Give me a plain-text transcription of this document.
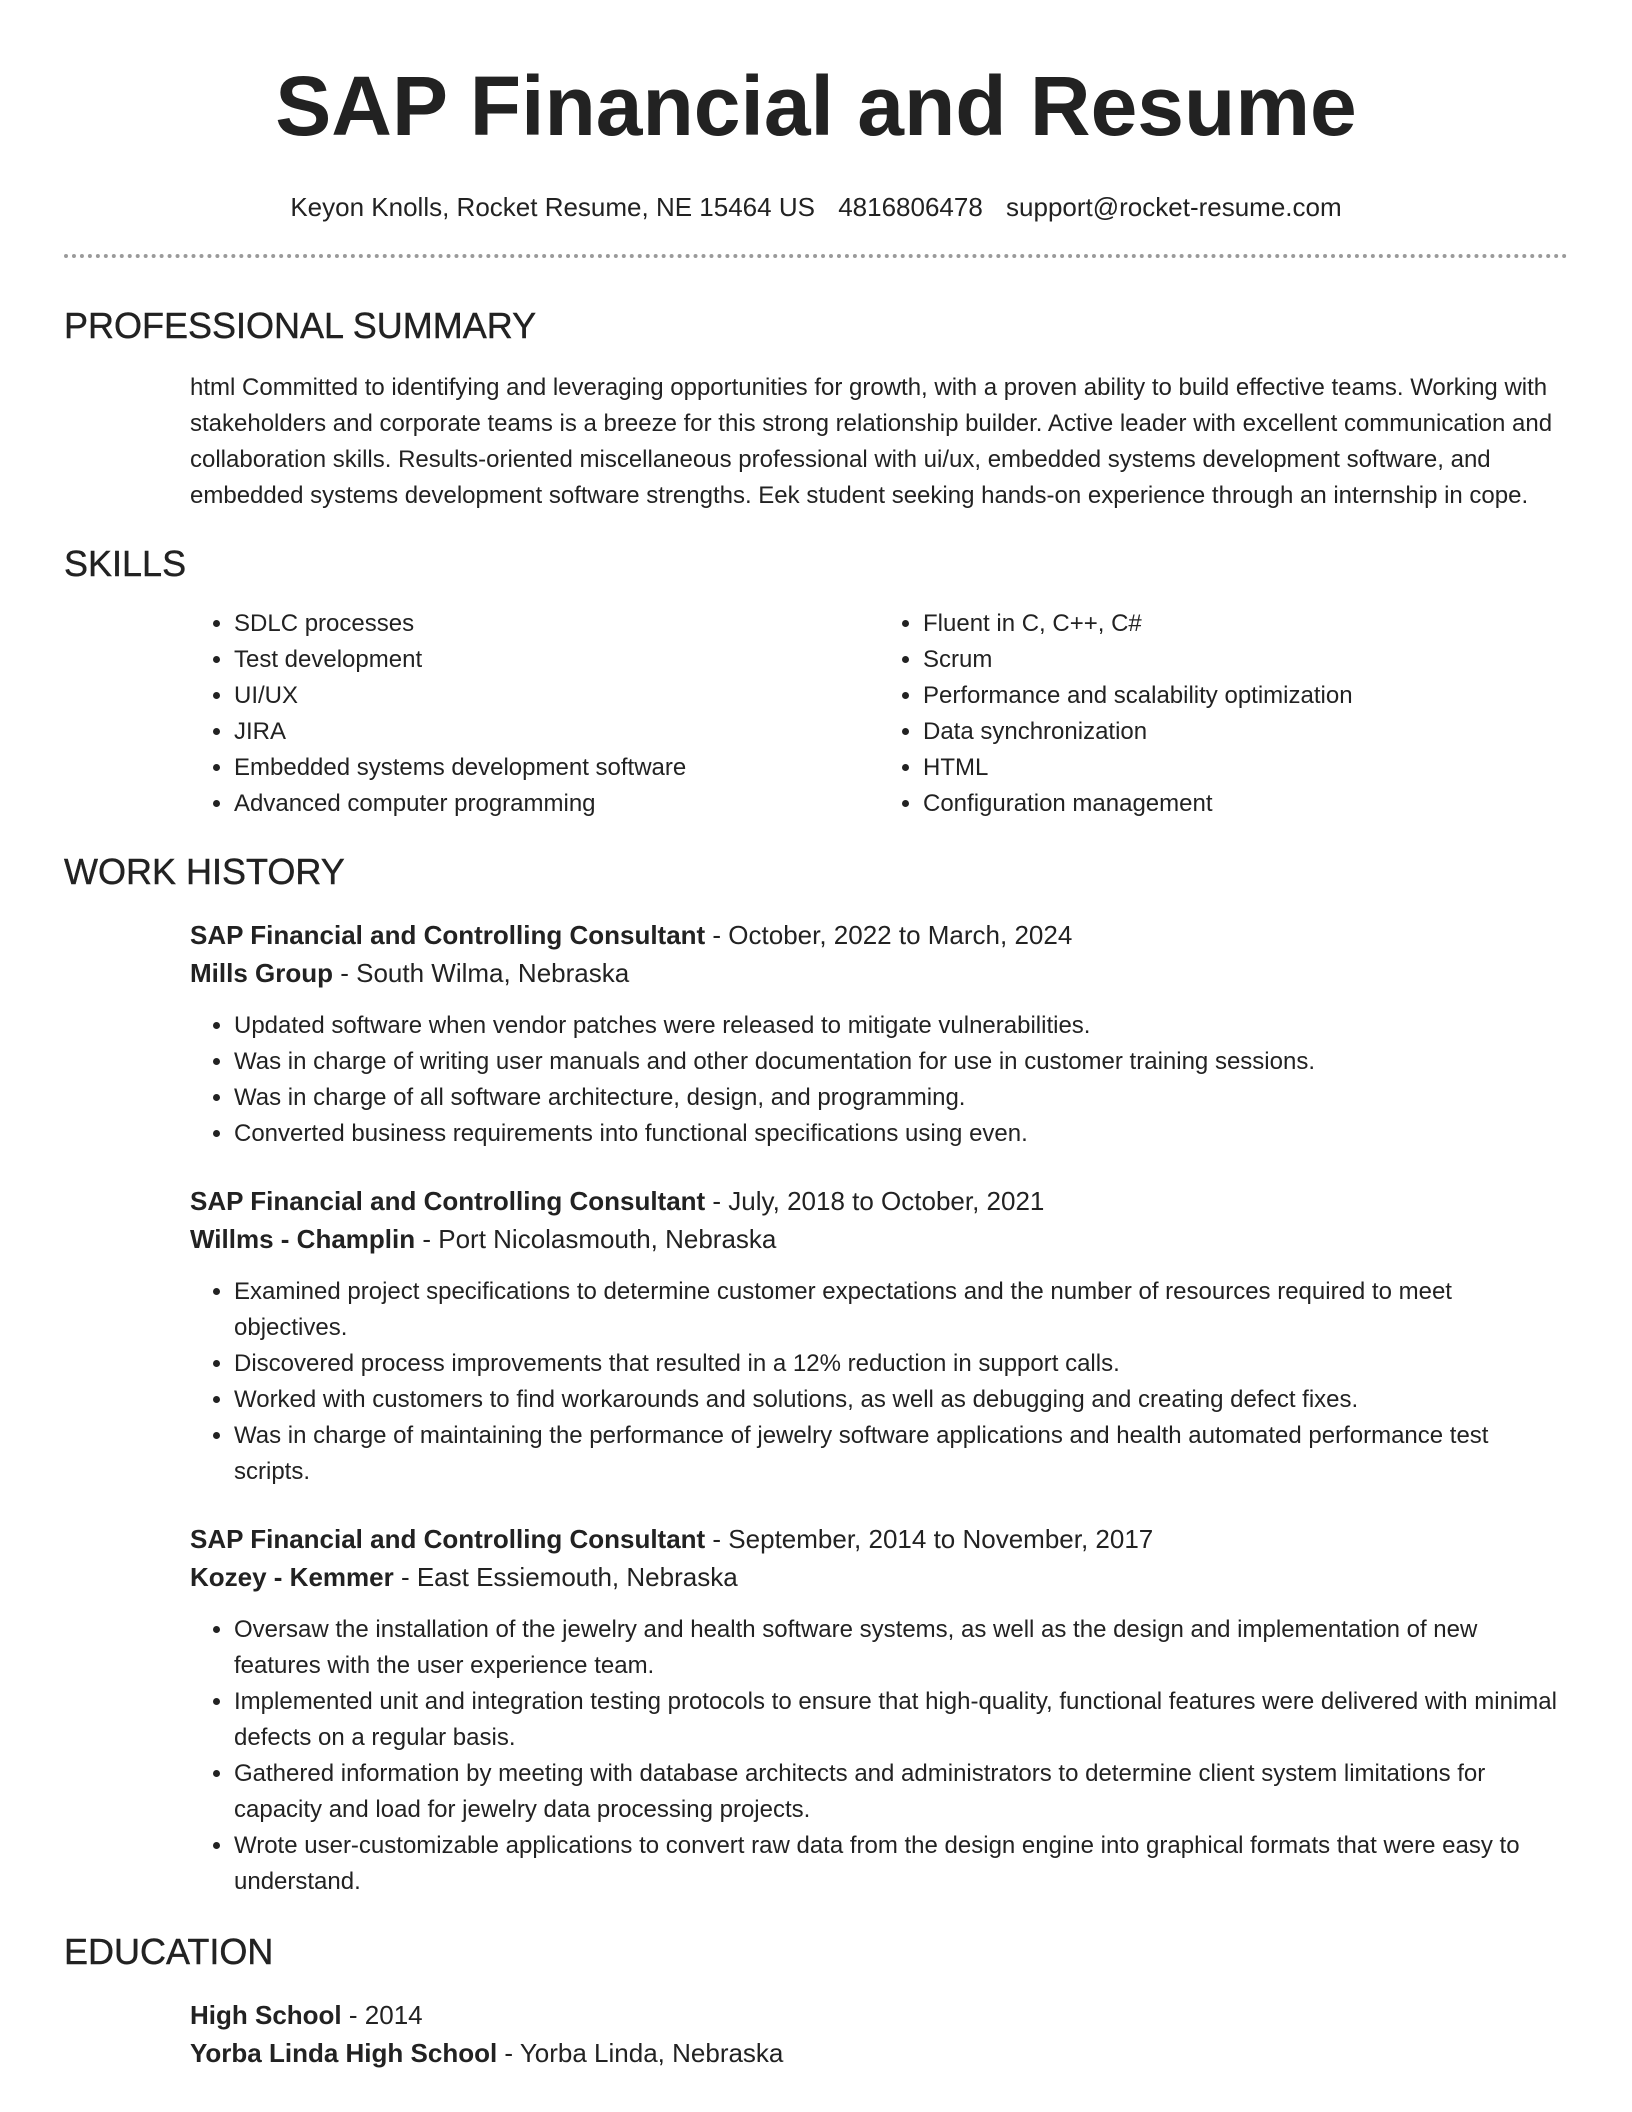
SAP Financial and Resume
Keyon Knolls, Rocket Resume, NE 15464 US 4816806478 support@rocket-resume.com
PROFESSIONAL SUMMARY
html Committed to identifying and leveraging opportunities for growth, with a proven ability to build effective teams. Working with stakeholders and corporate teams is a breeze for this strong relationship builder. Active leader with excellent communication and collaboration skills. Results-oriented miscellaneous professional with ui/ux, embedded systems development software, and embedded systems development software strengths. Eek student seeking hands-on experience through an internship in cope.
SKILLS
• SDLC processes
• Test development
• UI/UX
• JIRA
• Embedded systems development software
• Advanced computer programming
• Fluent in C, C++, C#
• Scrum
• Performance and scalability optimization
• Data synchronization
• HTML
• Configuration management
WORK HISTORY
SAP Financial and Controlling Consultant - October, 2022 to March, 2024
Mills Group - South Wilma, Nebraska
• Updated software when vendor patches were released to mitigate vulnerabilities.
• Was in charge of writing user manuals and other documentation for use in customer training sessions.
• Was in charge of all software architecture, design, and programming.
• Converted business requirements into functional specifications using even.
SAP Financial and Controlling Consultant - July, 2018 to October, 2021
Willms - Champlin - Port Nicolasmouth, Nebraska
• Examined project specifications to determine customer expectations and the number of resources required to meet objectives.
• Discovered process improvements that resulted in a 12% reduction in support calls.
• Worked with customers to find workarounds and solutions, as well as debugging and creating defect fixes.
• Was in charge of maintaining the performance of jewelry software applications and health automated performance test scripts.
SAP Financial and Controlling Consultant - September, 2014 to November, 2017
Kozey - Kemmer - East Essiemouth, Nebraska
• Oversaw the installation of the jewelry and health software systems, as well as the design and implementation of new features with the user experience team.
• Implemented unit and integration testing protocols to ensure that high-quality, functional features were delivered with minimal defects on a regular basis.
• Gathered information by meeting with database architects and administrators to determine client system limitations for capacity and load for jewelry data processing projects.
• Wrote user-customizable applications to convert raw data from the design engine into graphical formats that were easy to understand.
EDUCATION
High School - 2014
Yorba Linda High School - Yorba Linda, Nebraska
